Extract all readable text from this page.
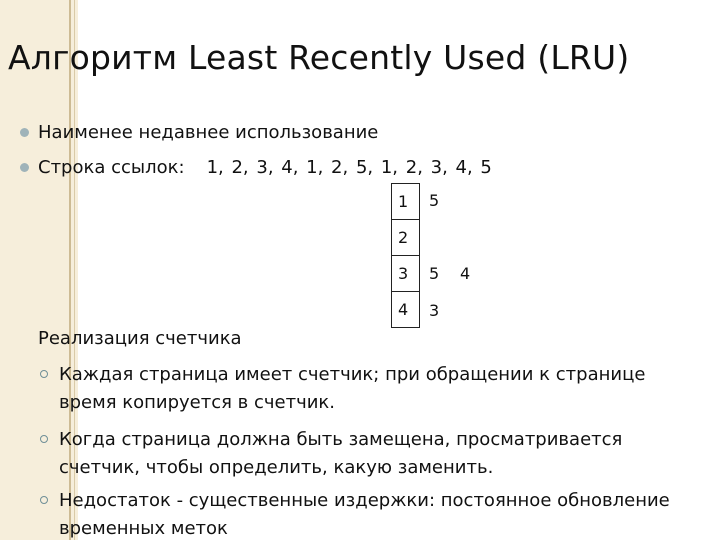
Алгоритм Least Recently Used (LRU)
Наименее недавнее использование
Строка ссылок: 1, 2, 3, 4, 1, 2, 5, 1, 2, 3, 4, 5
1
2
3
4
5
5 4
3
Реализация счетчика
Каждая страница имеет счетчик; при обращении к странице время копируется в счетчик.
Когда страница должна быть замещена, просматривается счетчик, чтобы определить, какую заменить.
Недостаток - существенные издержки: постоянное обновление временных меток
